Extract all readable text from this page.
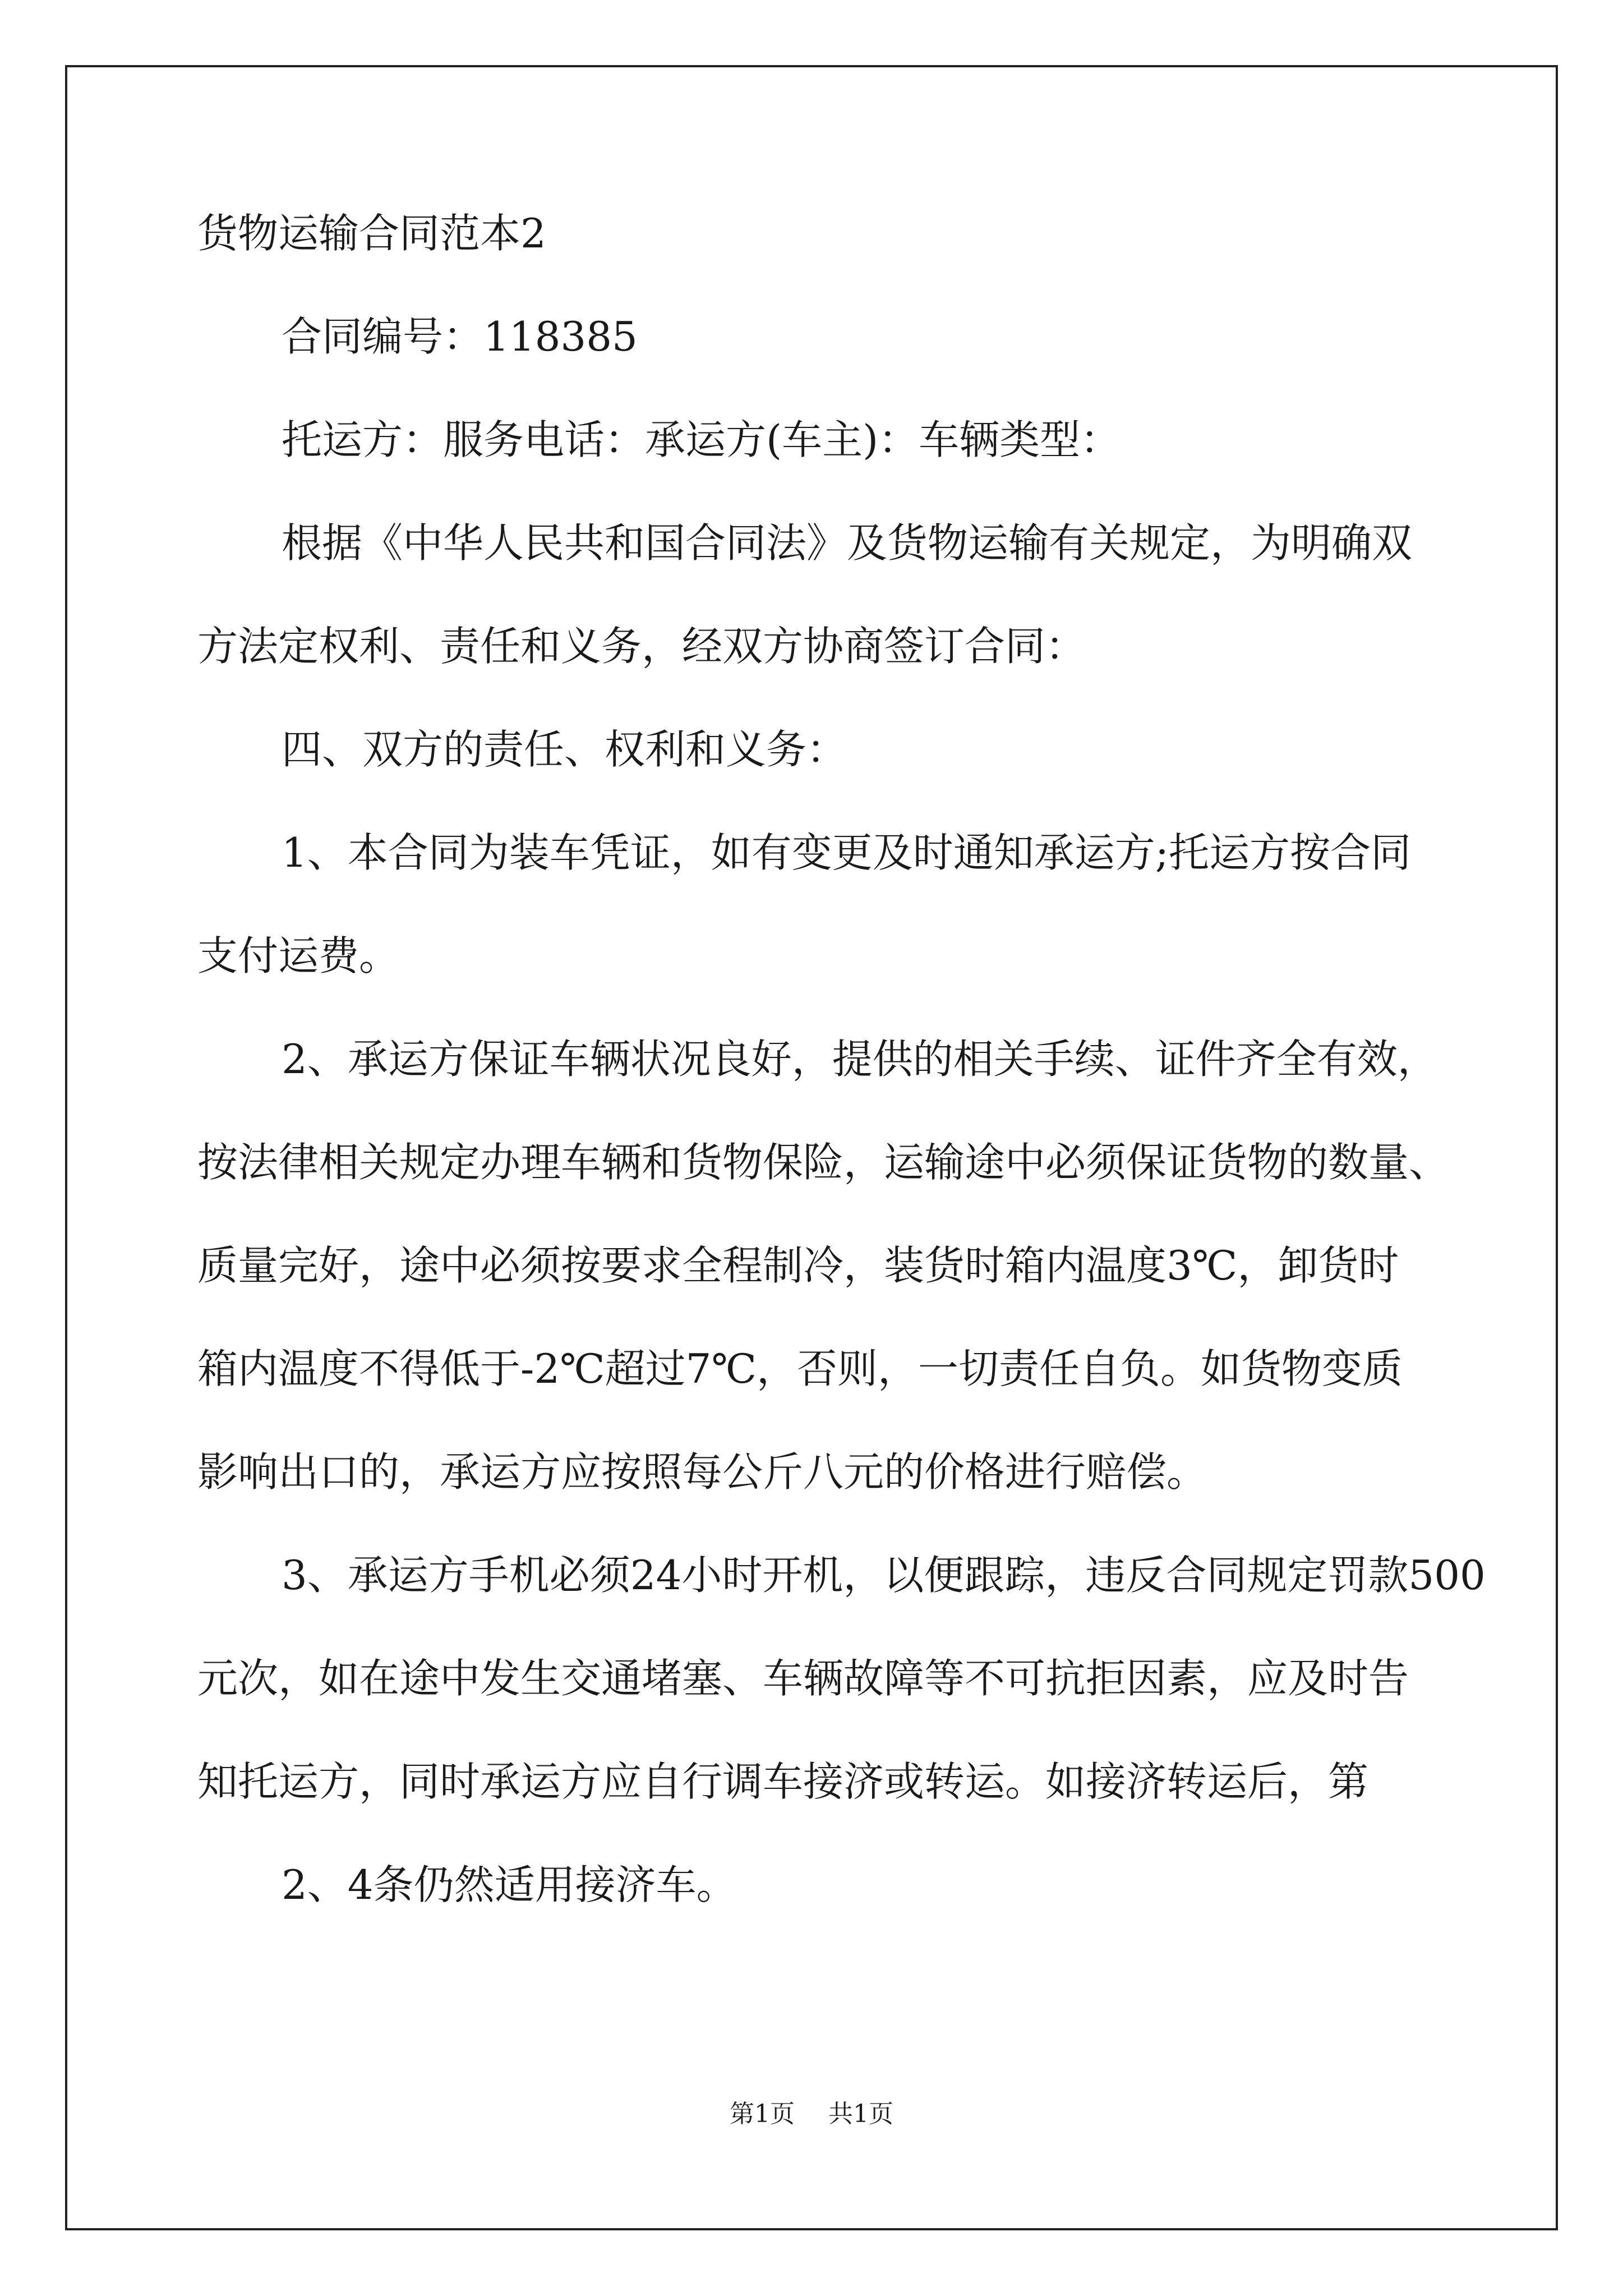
货物运输合同范本2
合同编号：118385
托运方：服务电话：承运方(车主)：车辆类型：
根据《中华人民共和国合同法》及货物运输有关规定，为明确双
方法定权利、责任和义务，经双方协商签订合同：
四、双方的责任、权利和义务：
1、本合同为装车凭证，如有变更及时通知承运方;托运方按合同
支付运费。
2、承运方保证车辆状况良好，提供的相关手续、证件齐全有效，
按法律相关规定办理车辆和货物保险，运输途中必须保证货物的数量、
质量完好，途中必须按要求全程制冷，装货时箱内温度3℃，卸货时
箱内温度不得低于-2℃超过7℃，否则，一切责任自负。如货物变质
影响出口的，承运方应按照每公斤八元的价格进行赔偿。
3、承运方手机必须24小时开机，以便跟踪，违反合同规定罚款500
元次，如在途中发生交通堵塞、车辆故障等不可抗拒因素，应及时告
知托运方，同时承运方应自行调车接济或转运。如接济转运后，第
2、4条仍然适用接济车。
第1页 共1页
